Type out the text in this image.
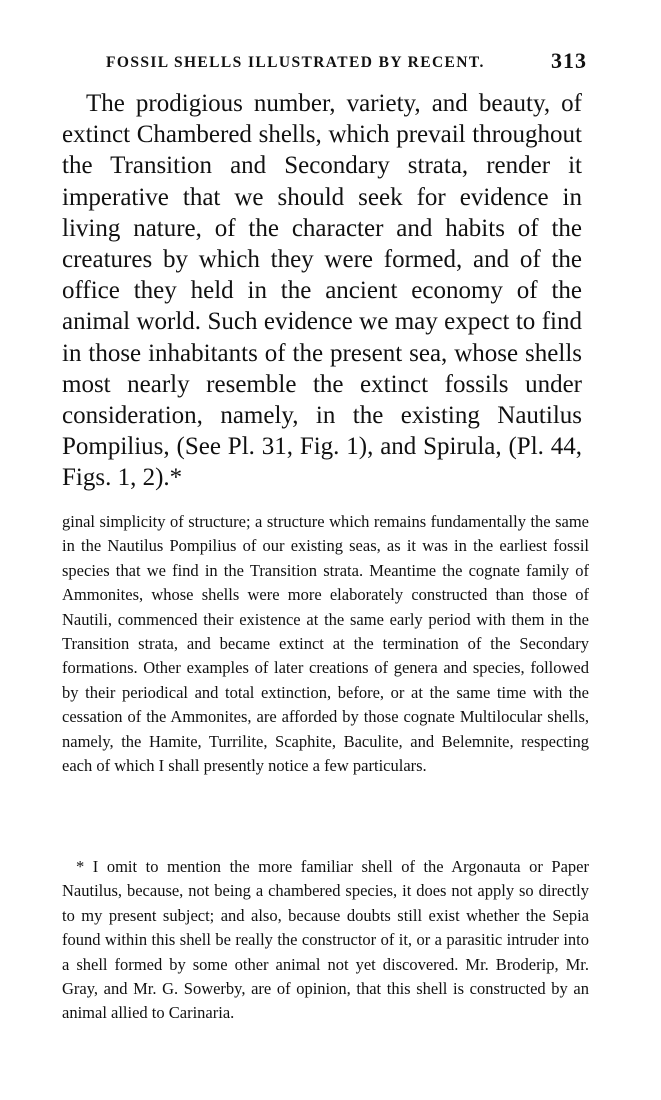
FOSSIL SHELLS ILLUSTRATED BY RECENT.	313

The prodigious number, variety, and beauty, of extinct Chambered shells, which prevail throughout the Transition and Secondary strata, render it imperative that we should seek for evidence in living nature, of the character and habits of the creatures by which they were formed, and of the office they held in the ancient economy of the animal world. Such evidence we may expect to find in those inhabitants of the present sea, whose shells most nearly resemble the extinct fossils under consideration, namely, in the existing Nautilus Pompilius, (See Pl. 31, Fig. 1), and Spirula, (Pl. 44, Figs. 1, 2).*

ginal simplicity of structure; a structure which remains fundamentally the same in the Nautilus Pompilius of our existing seas, as it was in the earliest fossil species that we find in the Transition strata. Meantime the cognate family of Ammonites, whose shells were more elaborately constructed than those of Nautili, commenced their existence at the same early period with them in the Transition strata, and became extinct at the termination of the Secondary formations. Other examples of later creations of genera and species, followed by their periodical and total extinction, before, or at the same time with the cessation of the Ammonites, are afforded by those cognate Multilocular shells, namely, the Hamite, Turrilite, Scaphite, Baculite, and Belemnite, respecting each of which I shall presently notice a few particulars.

* I omit to mention the more familiar shell of the Argonauta or Paper Nautilus, because, not being a chambered species, it does not apply so directly to my present subject; and also, because doubts still exist whether the Sepia found within this shell be really the constructor of it, or a parasitic intruder into a shell formed by some other animal not yet discovered. Mr. Broderip, Mr. Gray, and Mr. G. Sowerby, are of opinion, that this shell is constructed by an animal allied to Carinaria.
